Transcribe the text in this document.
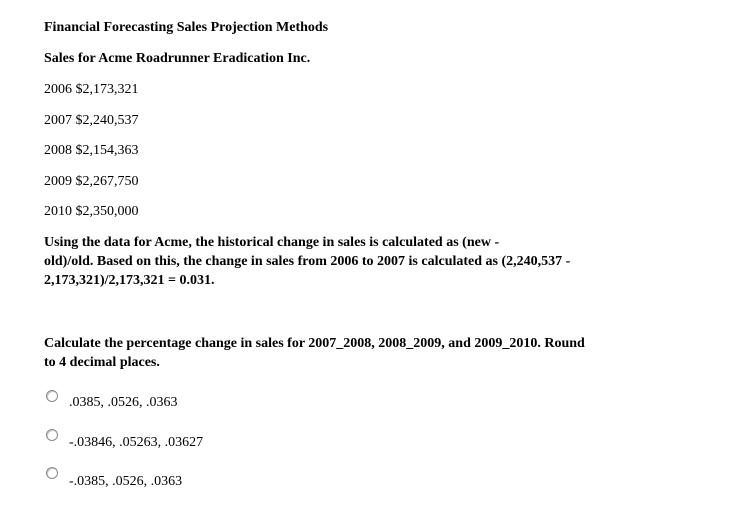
Financial Forecasting Sales Projection Methods
Sales for Acme Roadrunner Eradication Inc.
2006 $2,173,321
2007 $2,240,537
2008 $2,154,363
2009 $2,267,750
2010 $2,350,000
Using the data for Acme, the historical change in sales is calculated as (new -
old)/old. Based on this, the change in sales from 2006 to 2007 is calculated as (2,240,537 -
2,173,321)/2,173,321 = 0.031.
Calculate the percentage change in sales for 2007_2008, 2008_2009, and 2009_2010. Round
to 4 decimal places.
.0385, .0526, .0363
-.03846, .05263, .03627
-.0385, .0526, .0363
